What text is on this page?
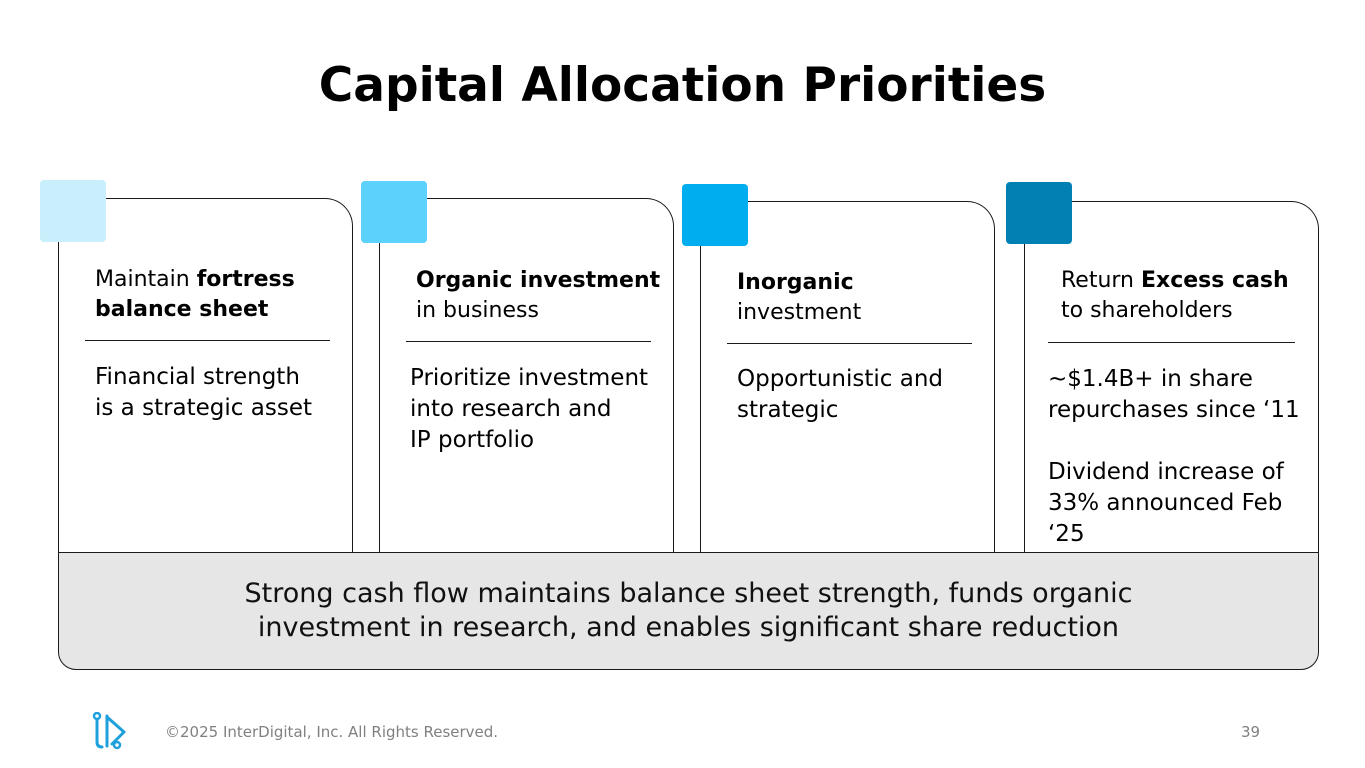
Capital Allocation Priorities
Maintain fortress balance sheet
Financial strength
is a strategic asset
Organic investment in business
Prioritize investment
into research and
IP portfolio
Inorganic investment
Opportunistic and
strategic
Return Excess cash to shareholders
~$1.4B+ in share
repurchases since ‘11
Dividend increase of
33% announced Feb
‘25
Strong cash flow maintains balance sheet strength, funds organic investment in research, and enables significant share reduction
©2025 InterDigital, Inc. All Rights Reserved.	39
